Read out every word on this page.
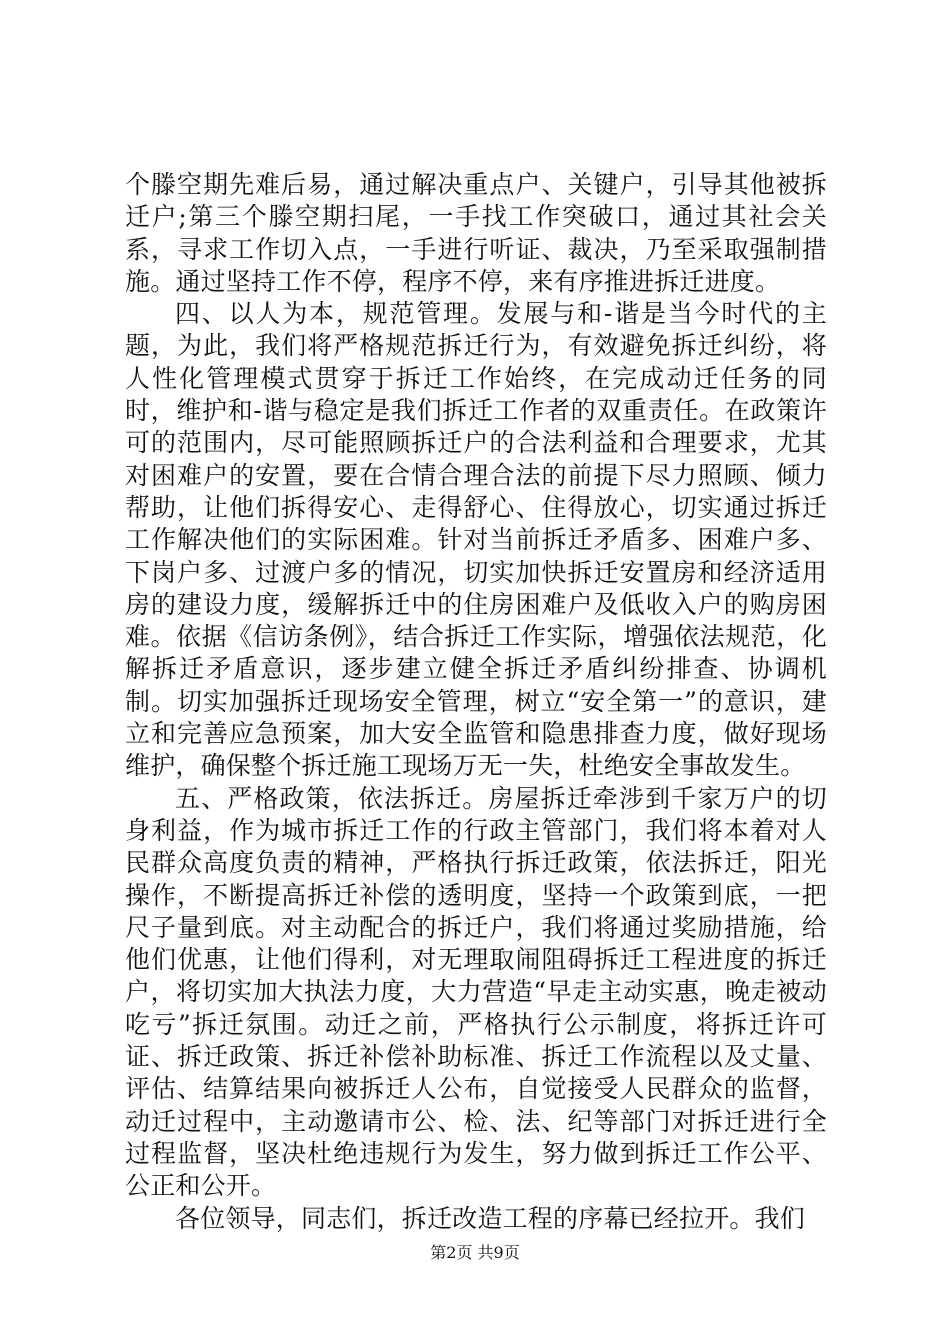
个滕空期先难后易，通过解决重点户、关键户，引导其他被拆迁户;第三个滕空期扫尾，一手找工作突破口，通过其社会关系，寻求工作切入点，一手进行听证、裁决，乃至采取强制措施。通过坚持工作不停，程序不停，来有序推进拆迁进度。

四、以人为本，规范管理。发展与和-谐是当今时代的主题，为此，我们将严格规范拆迁行为，有效避免拆迁纠纷，将人性化管理模式贯穿于拆迁工作始终，在完成动迁任务的同时，维护和-谐与稳定是我们拆迁工作者的双重责任。在政策许可的范围内，尽可能照顾拆迁户的合法利益和合理要求，尤其对困难户的安置，要在合情合理合法的前提下尽力照顾、倾力帮助，让他们拆得安心、走得舒心、住得放心，切实通过拆迁工作解决他们的实际困难。针对当前拆迁矛盾多、困难户多、下岗户多、过渡户多的情况，切实加快拆迁安置房和经济适用房的建设力度，缓解拆迁中的住房困难户及低收入户的购房困难。依据《信访条例》，结合拆迁工作实际，增强依法规范，化解拆迁矛盾意识，逐步建立健全拆迁矛盾纠纷排查、协调机制。切实加强拆迁现场安全管理，树立“安全第一”的意识，建立和完善应急预案，加大安全监管和隐患排查力度，做好现场维护，确保整个拆迁施工现场万无一失，杜绝安全事故发生。

五、严格政策，依法拆迁。房屋拆迁牵涉到千家万户的切身利益，作为城市拆迁工作的行政主管部门，我们将本着对人民群众高度负责的精神，严格执行拆迁政策，依法拆迁，阳光操作，不断提高拆迁补偿的透明度，坚持一个政策到底，一把尺子量到底。对主动配合的拆迁户，我们将通过奖励措施，给他们优惠，让他们得利，对无理取闹阻碍拆迁工程进度的拆迁户，将切实加大执法力度，大力营造“早走主动实惠，晚走被动吃亏”拆迁氛围。动迁之前，严格执行公示制度，将拆迁许可证、拆迁政策、拆迁补偿补助标准、拆迁工作流程以及丈量、评估、结算结果向被拆迁人公布，自觉接受人民群众的监督，动迁过程中，主动邀请市公、检、法、纪等部门对拆迁进行全过程监督，坚决杜绝违规行为发生，努力做到拆迁工作公平、公正和公开。

各位领导，同志们，拆迁改造工程的序幕已经拉开。我们

第2页 共9页
